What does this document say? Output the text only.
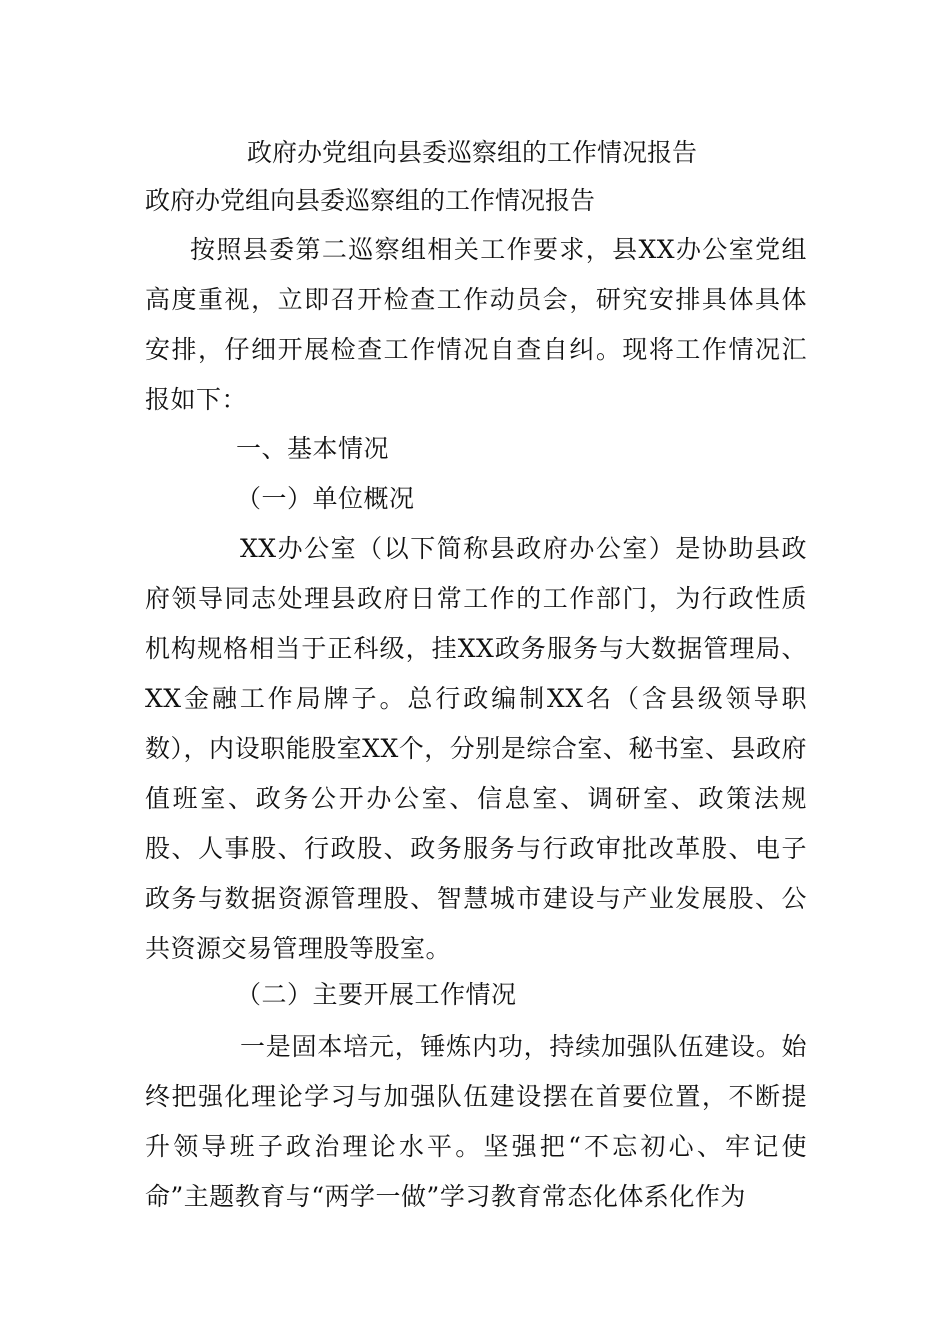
政府办党组向县委巡察组的工作情况报告
政府办党组向县委巡察组的工作情况报告

按照县委第二巡察组相关工作要求，县XX办公室党组高度重视，立即召开检查工作动员会，研究安排具体具体安排，仔细开展检查工作情况自查自纠。现将工作情况汇报如下：

一、基本情况
（一）单位概况

XX办公室（以下简称县政府办公室）是协助县政府领导同志处理县政府日常工作的工作部门，为行政性质机构规格相当于正科级，挂XX政务服务与大数据管理局、XX金融工作局牌子。总行政编制XX名（含县级领导职数），内设职能股室XX个，分别是综合室、秘书室、县政府值班室、政务公开办公室、信息室、调研室、政策法规股、人事股、行政股、政务服务与行政审批改革股、电子政务与数据资源管理股、智慧城市建设与产业发展股、公共资源交易管理股等股室。

（二）主要开展工作情况

一是固本培元，锤炼内功，持续加强队伍建设。始终把强化理论学习与加强队伍建设摆在首要位置，不断提升领导班子政治理论水平。坚强把“不忘初心、牢记使命”主题教育与“两学一做”学习教育常态化体系化作为
